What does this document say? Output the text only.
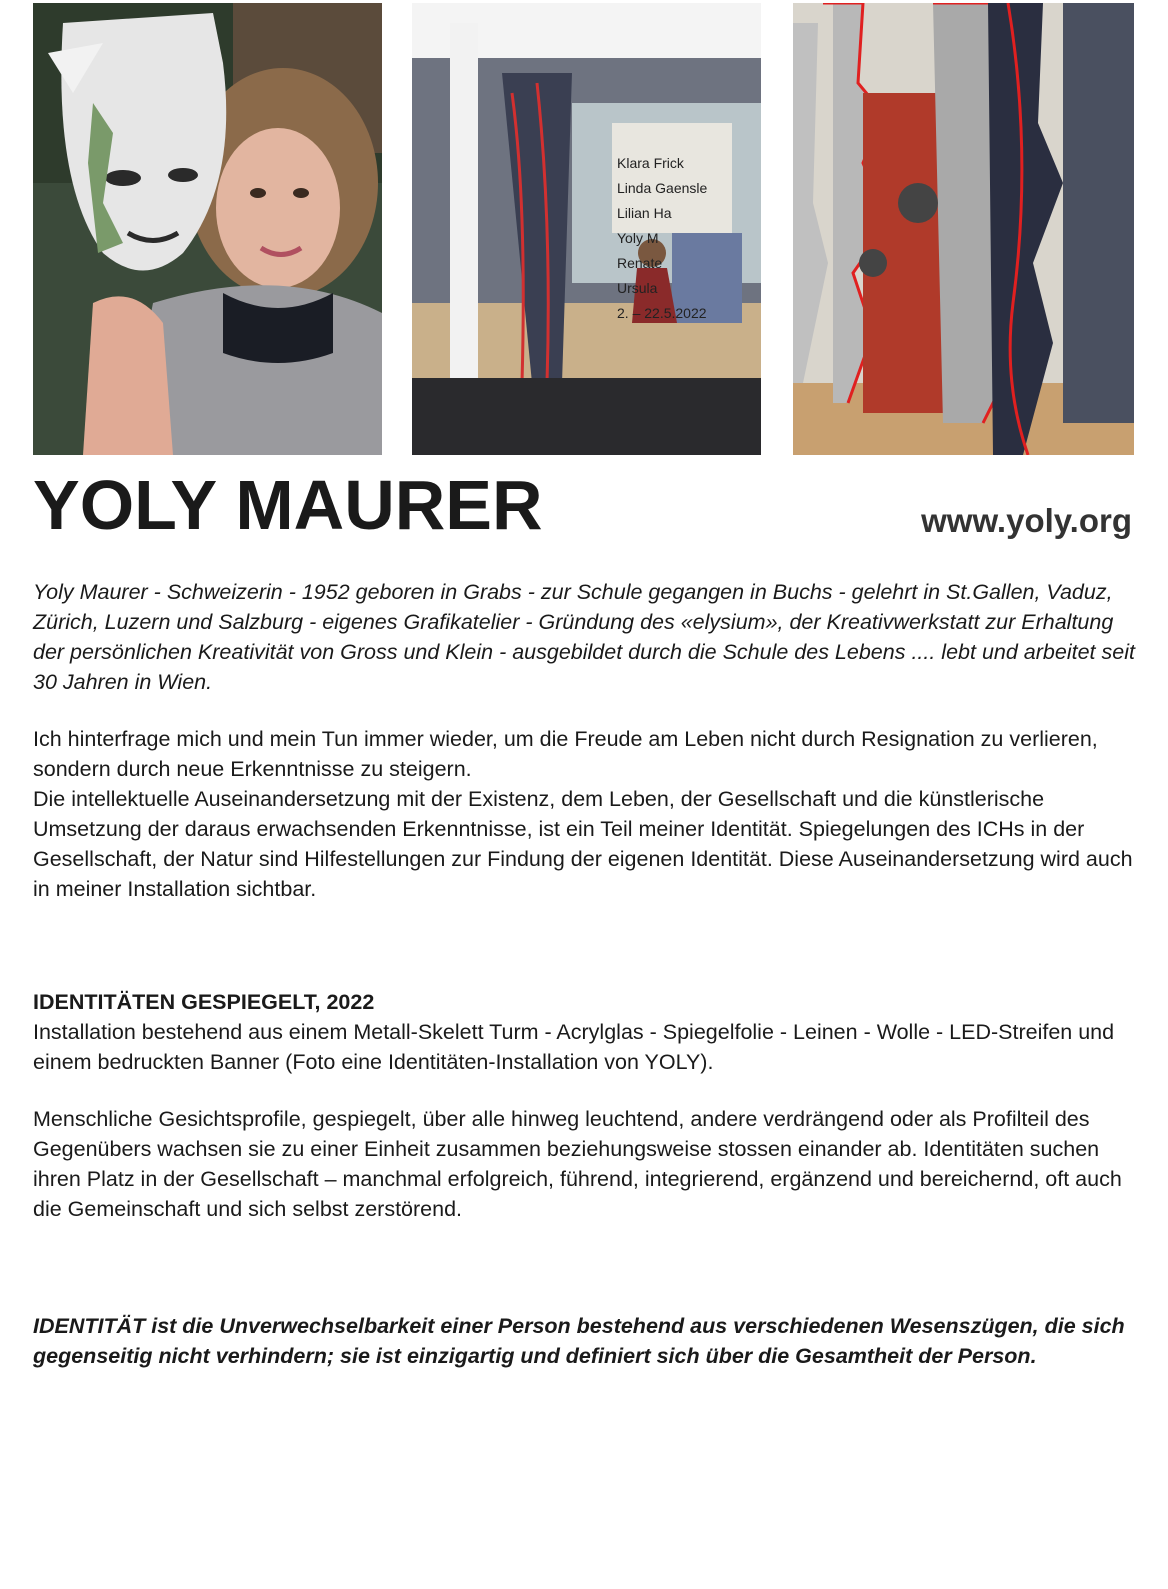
Klara Frick
Linda Gaensle
Lilian Ha
Yoly M
Renate
Ursula
2. – 22.5.2022
YOLY MAURER	www.yoly.org

Yoly Maurer - Schweizerin - 1952 geboren in Grabs - zur Schule gegangen in Buchs - gelehrt in St.Gallen, Vaduz, Zürich, Luzern und Salzburg - eigenes Grafikatelier - Gründung des «elysium», der Kreativwerkstatt zur Erhaltung der persönlichen Kreativität von Gross und Klein - ausgebildet durch die Schule des Lebens .... lebt und arbeitet seit 30 Jahren in Wien.

Ich hinterfrage mich und mein Tun immer wieder, um die Freude am Leben nicht durch Resignation zu verlieren, sondern durch neue Erkenntnisse zu steigern.

Die intellektuelle Auseinandersetzung mit der Existenz, dem Leben, der Gesellschaft und die künstlerische Umsetzung der daraus erwachsenden Erkenntnisse, ist ein Teil meiner Identität. Spiegelungen des ICHs in der Gesellschaft, der Natur sind Hilfestellungen zur Findung der eigenen Identität. Diese Auseinandersetzung wird auch in meiner Installation sichtbar.

IDENTITÄTEN GESPIEGELT, 2022

Installation bestehend aus einem Metall-Skelett Turm - Acrylglas - Spiegelfolie - Leinen - Wolle - LED-Streifen und einem bedruckten Banner (Foto eine Identitäten-Installation von YOLY).

Menschliche Gesichtsprofile, gespiegelt, über alle hinweg leuchtend, andere verdrängend oder als Profilteil des Gegenübers wachsen sie zu einer Einheit zusammen beziehungsweise stossen einander ab. Identitäten suchen ihren Platz in der Gesellschaft – manchmal erfolgreich, führend, integrierend, ergänzend und bereichernd, oft auch die Gemeinschaft und sich selbst zerstörend.

IDENTITÄT ist die Unverwechselbarkeit einer Person bestehend aus verschiedenen Wesenszügen, die sich gegenseitig nicht verhindern; sie ist einzigartig und definiert sich über die Gesamtheit der Person.
